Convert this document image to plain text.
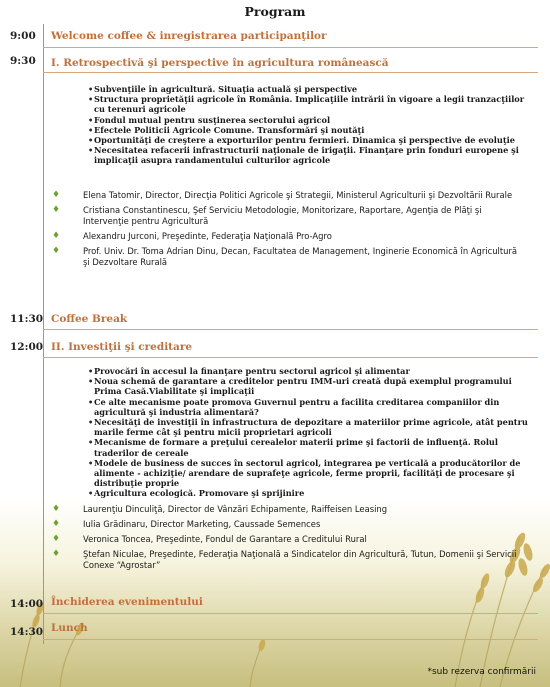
Program
9:00 Welcome coffee & inregistrarea participanţilor
9:30 I. Retrospectivă şi perspective în agricultura românească
• Subvenţiile în agricultură. Situaţia actuală şi perspective
• Structura proprietăţii agricole în România. Implicaţiile intrării în vigoare a legii tranzacţiilor cu terenuri agricole
• Fondul mutual pentru susţinerea sectorului agricol
• Efectele Politicii Agricole Comune. Transformări şi noutăţi
• Oportunităţi de creştere a exporturilor pentru fermieri. Dinamica şi perspective de evoluţie
• Necesitatea refacerii infrastructurii naţionale de irigaţii. Finanţare prin fonduri europene şi implicaţii asupra randamentului culturilor agricole
♦	Elena Tatomir, Director, Direcţia Politici Agricole şi Strategii, Ministerul Agriculturii şi Dezvoltării Rurale
♦	Cristiana Constantinescu, Şef Serviciu Metodologie, Monitorizare, Raportare, Agenţia de Plăţi şi Intervenţie pentru Agricultură
♦	Alexandru Jurconi, Preşedinte, Federaţia Naţională Pro-Agro
♦	Prof. Univ. Dr. Toma Adrian Dinu, Decan, Facultatea de Management, Inginerie Economică în Agricultură şi Dezvoltare Rurală
11:30 Coffee Break
12:00 II. Investiţii şi creditare
• Provocări în accesul la finanţare pentru sectorul agricol şi alimentar
• Noua schemă de garantare a creditelor pentru IMM-uri creată după exemplul programului Prima Casă.Viabilitate şi implicaţii
• Ce alte mecanisme poate promova Guvernul pentru a facilita creditarea companiilor din agricultură şi industria alimentară?
• Necesităţi de investiţii în infrastructura de depozitare a materiilor prime agricole, atât pentru marile ferme cât şi pentru micii proprietari agricoli
• Mecanisme de formare a preţului cerealelor materii prime şi factorii de influenţă. Rolul traderilor de cereale
• Modele de business de succes în sectorul agricol, integrarea pe verticală a producătorilor de alimente - achiziţie/ arendare de suprafeţe agricole, ferme proprii, facilităţi de procesare şi distribuţie proprie
• Agricultura ecologică. Promovare şi sprijinire
♦	Laurenţiu Dinculiţă, Director de Vânzări Echipamente, Raiffeisen Leasing
♦	Iulia Grădinaru, Director Marketing, Caussade Semences
♦	Veronica Toncea, Preşedinte, Fondul de Garantare a Creditului Rural
♦	Ştefan Niculae, Preşedinte, Federaţia Naţională a Sindicatelor din Agricultură, Tutun, Domenii şi Servicii Conexe “Agrostar”
14:00 Închiderea evenimentului
14:30 Lunch
*sub rezerva confirmării
